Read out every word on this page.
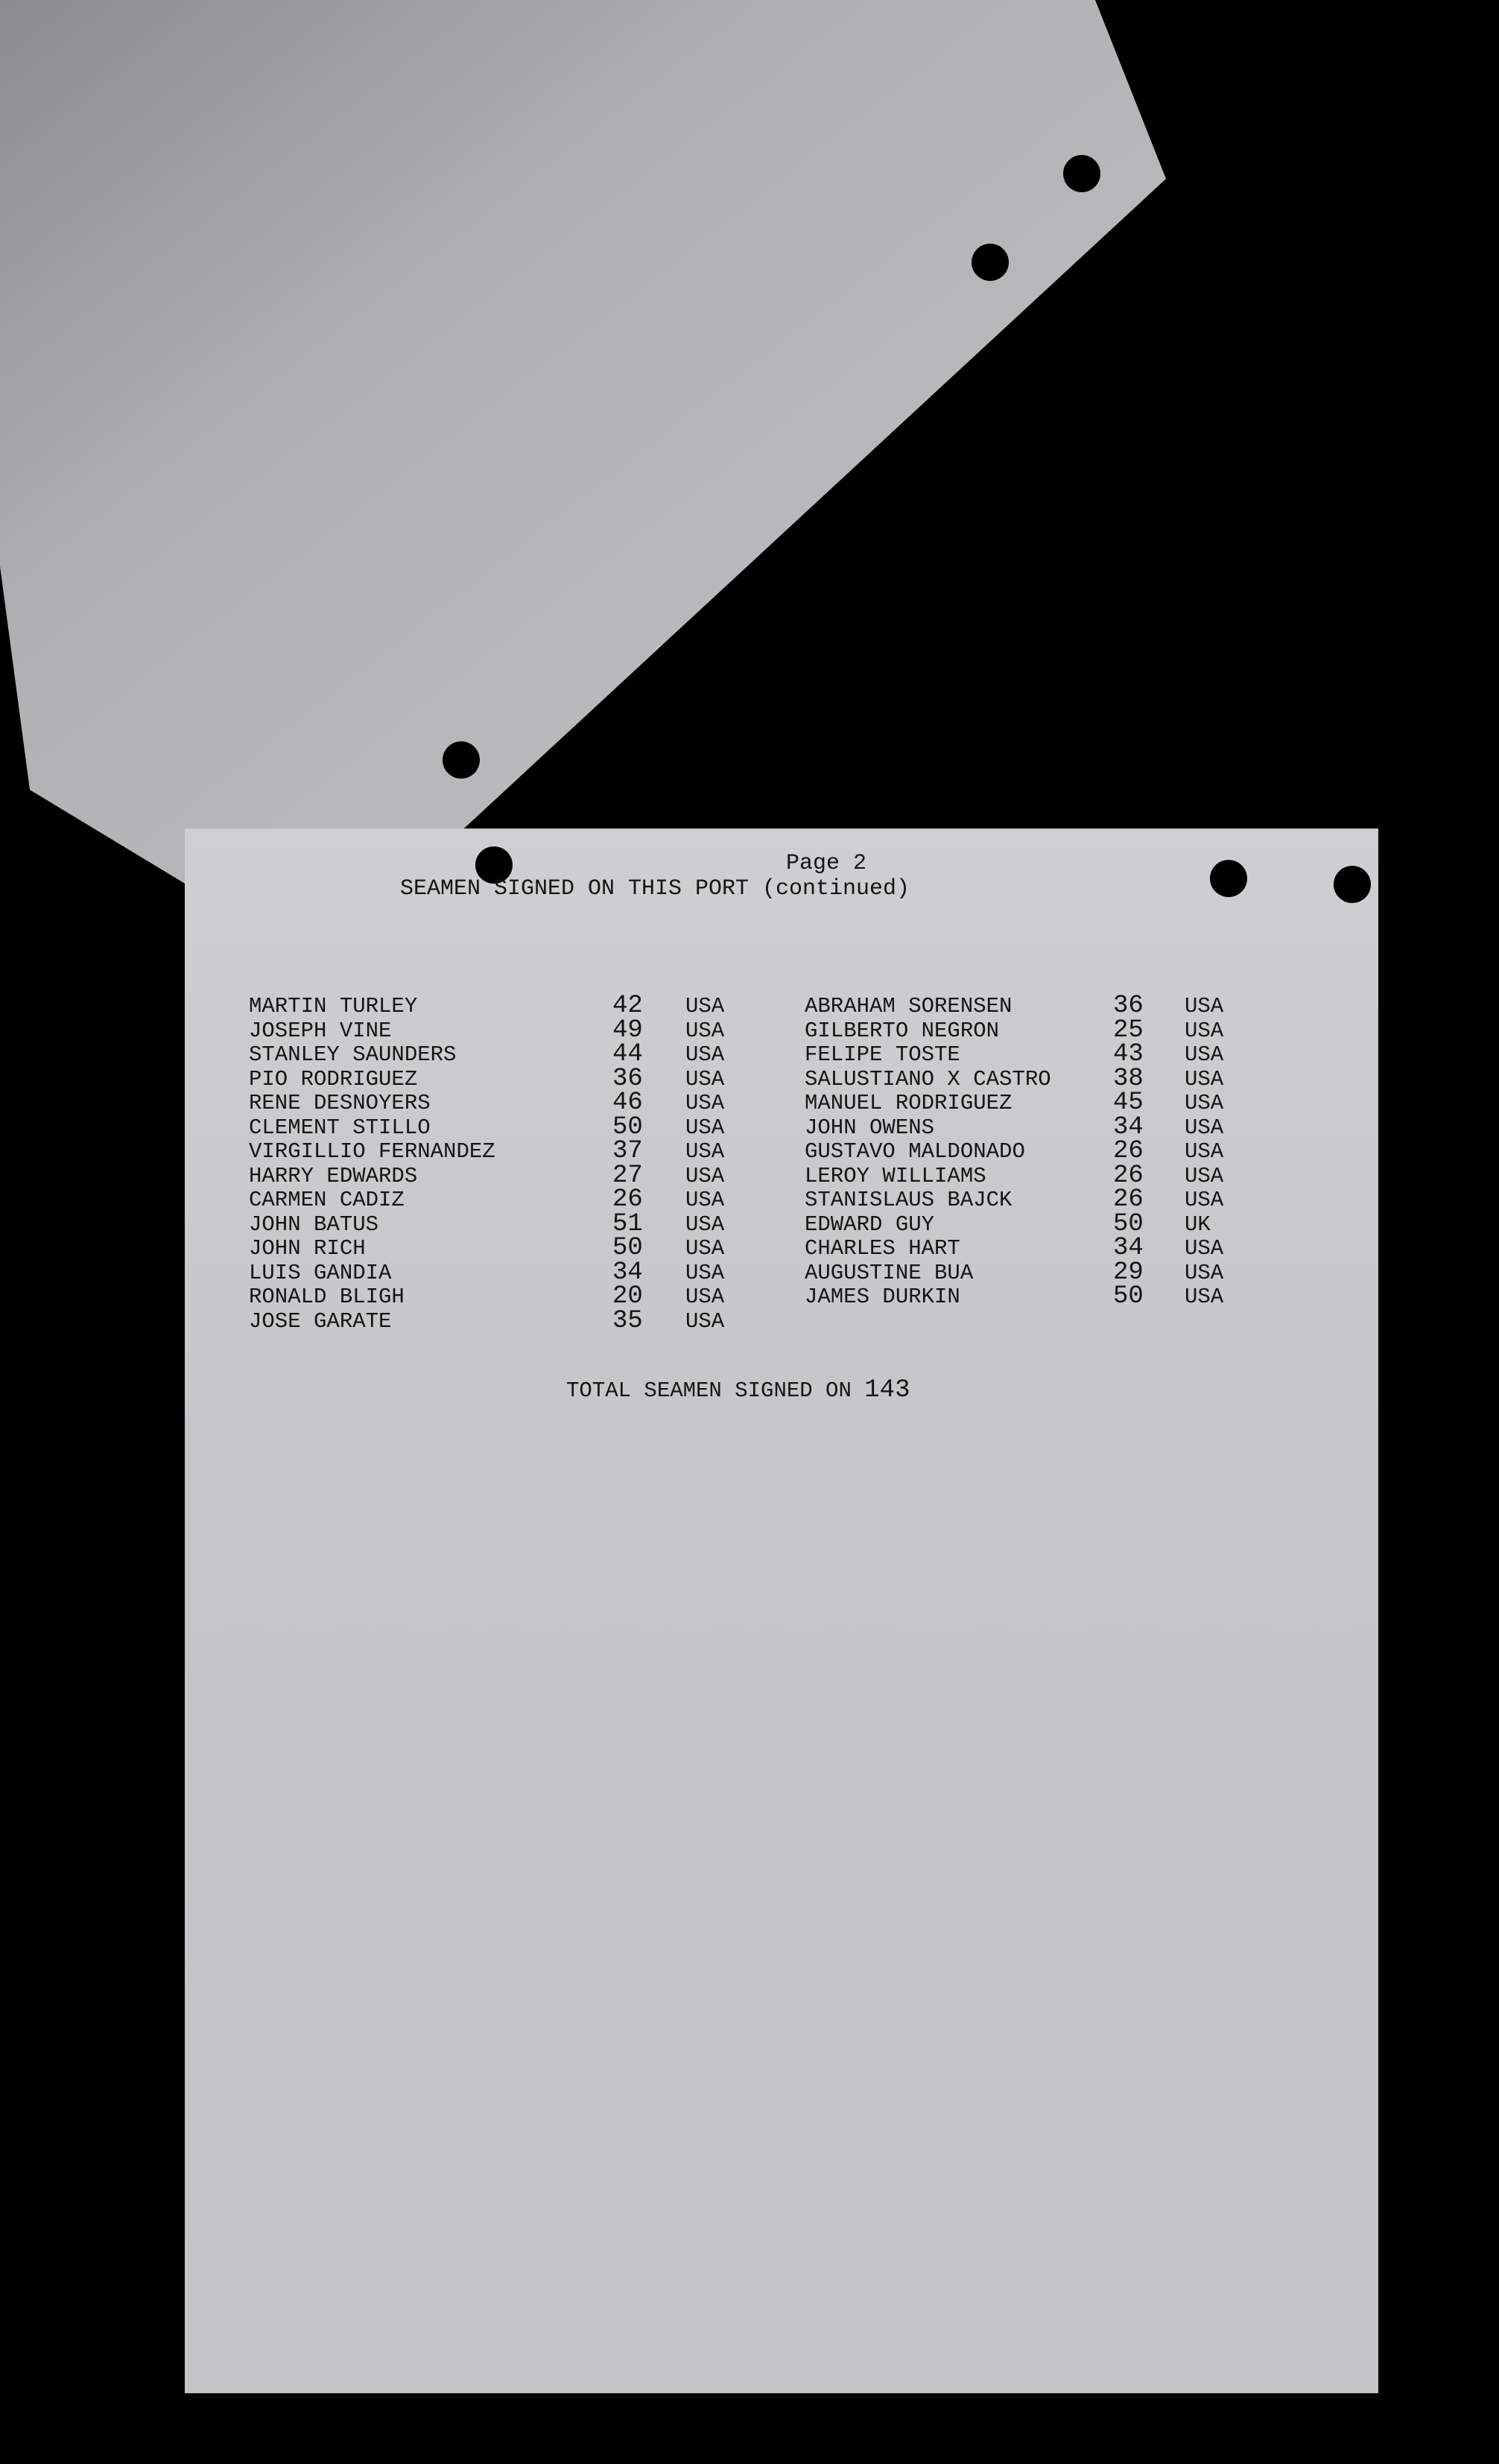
Page 2
SEAMEN SIGNED ON THIS PORT (continued)
MARTIN TURLEY	42 USA
JOSEPH VINE	49 USA
STANLEY SAUNDERS	44 USA
PIO RODRIGUEZ	36 USA
RENE DESNOYERS	46 USA
CLEMENT STILLO	50 USA
VIRGILLIO FERNANDEZ	37 USA
HARRY EDWARDS	27 USA
CARMEN CADIZ	26 USA
JOHN BATUS	51 USA
JOHN RICH	50 USA
LUIS GANDIA	34 USA
RONALD BLIGH	20 USA
JOSE GARATE	35 USA
ABRAHAM SORENSEN	36 USA
GILBERTO NEGRON	25 USA
FELIPE TOSTE	43 USA
SALUSTIANO X CASTRO 38 USA
MANUEL RODRIGUEZ	45 USA
JOHN OWENS	34 USA
GUSTAVO MALDONADO	26 USA
LEROY WILLIAMS	26 USA
STANISLAUS BAJCK	26 USA
EDWARD GUY	50 UK
CHARLES HART	34 USA
AUGUSTINE BUA	29 USA
JAMES DURKIN	50 USA
TOTAL SEAMEN SIGNED ON 143
